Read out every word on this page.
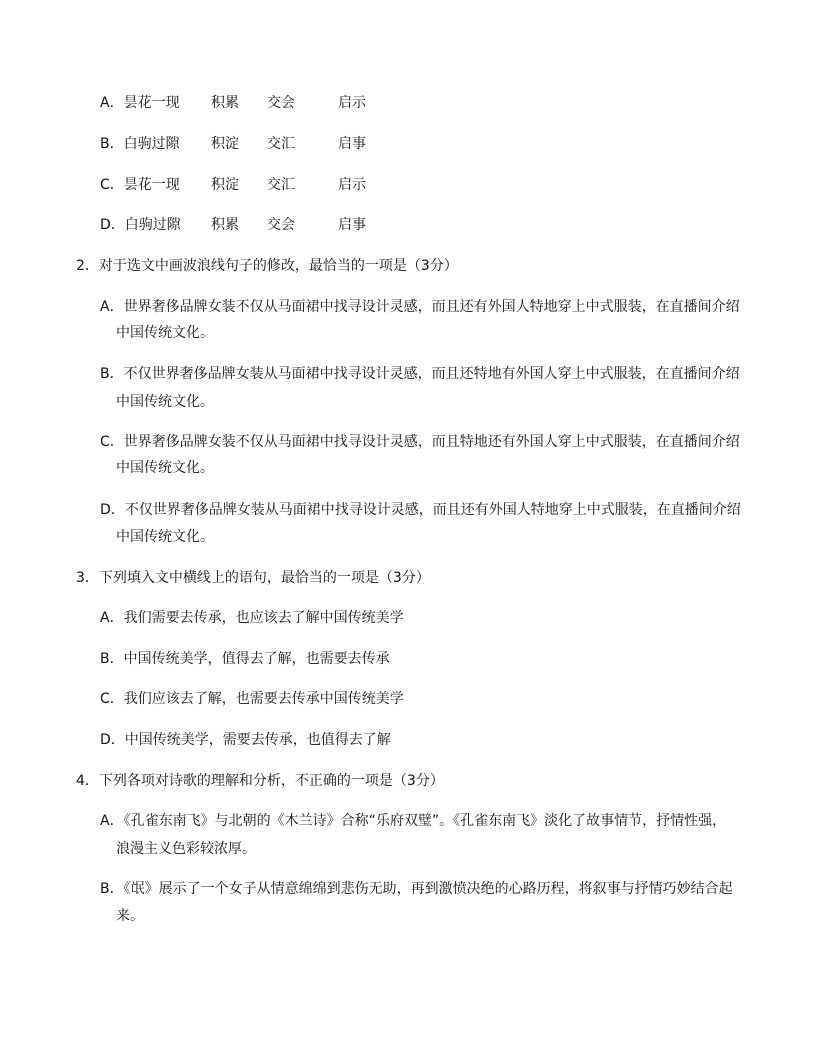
A．昙花一现 积累 交会	启示
B．白驹过隙 积淀 交汇	启事
C．昙花一现 积淀 交汇	启示
D．白驹过隙 积累 交会	启事
2．对于选文中画波浪线句子的修改，最恰当的一项是（3分）
A．世界奢侈品牌女装不仅从马面裙中找寻设计灵感，而且还有外国人特地穿上中式服装，在直播间介绍
中国传统文化。
B．不仅世界奢侈品牌女装从马面裙中找寻设计灵感，而且还特地有外国人穿上中式服装，在直播间介绍
中国传统文化。
C．世界奢侈品牌女装不仅从马面裙中找寻设计灵感，而且特地还有外国人穿上中式服装，在直播间介绍
中国传统文化。
D．不仅世界奢侈品牌女装从马面裙中找寻设计灵感，而且还有外国人特地穿上中式服装，在直播间介绍
中国传统文化。
3．下列填入文中横线上的语句，最恰当的一项是（3分）
A．我们需要去传承，也应该去了解中国传统美学
B．中国传统美学，值得去了解，也需要去传承
C．我们应该去了解，也需要去传承中国传统美学
D．中国传统美学，需要去传承，也值得去了解
4．下列各项对诗歌的理解和分析，不正确的一项是（3分）
A．《孔雀东南飞》与北朝的《木兰诗》合称“乐府双璧”。《孔雀东南飞》淡化了故事情节，抒情性强，
浪漫主义色彩较浓厚。
B．《氓》展示了一个女子从情意绵绵到悲伤无助，再到激愤决绝的心路历程，将叙事与抒情巧妙结合起
来。
